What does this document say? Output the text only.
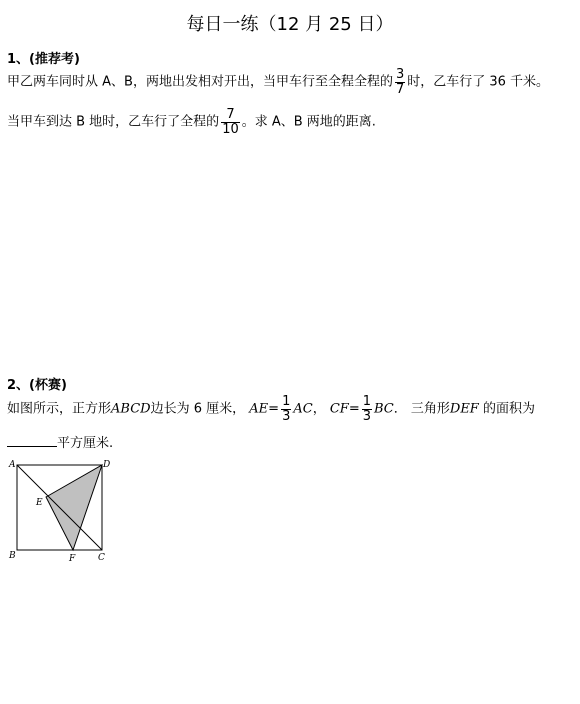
每日一练（12 月 25 日）
1、(推荐考)
甲乙两车同时从 A、B，两地出发相对开出，当甲车行至全程全程的 $\frac{3}{7}$ 时，乙车行了 36 千米。
当甲车到达 B 地时，乙车行了全程的 $\frac{7}{10}$ 。求 A、B 两地的距离.
2、(杯赛)
如图所示，正方形ABCD边长为 6 厘米， $AE= \frac{1}{3}$ AC， $CF= \frac{1}{3}$ BC． 三角形DEF 的面积为
平方厘米.
A	D
E
B	F	C
